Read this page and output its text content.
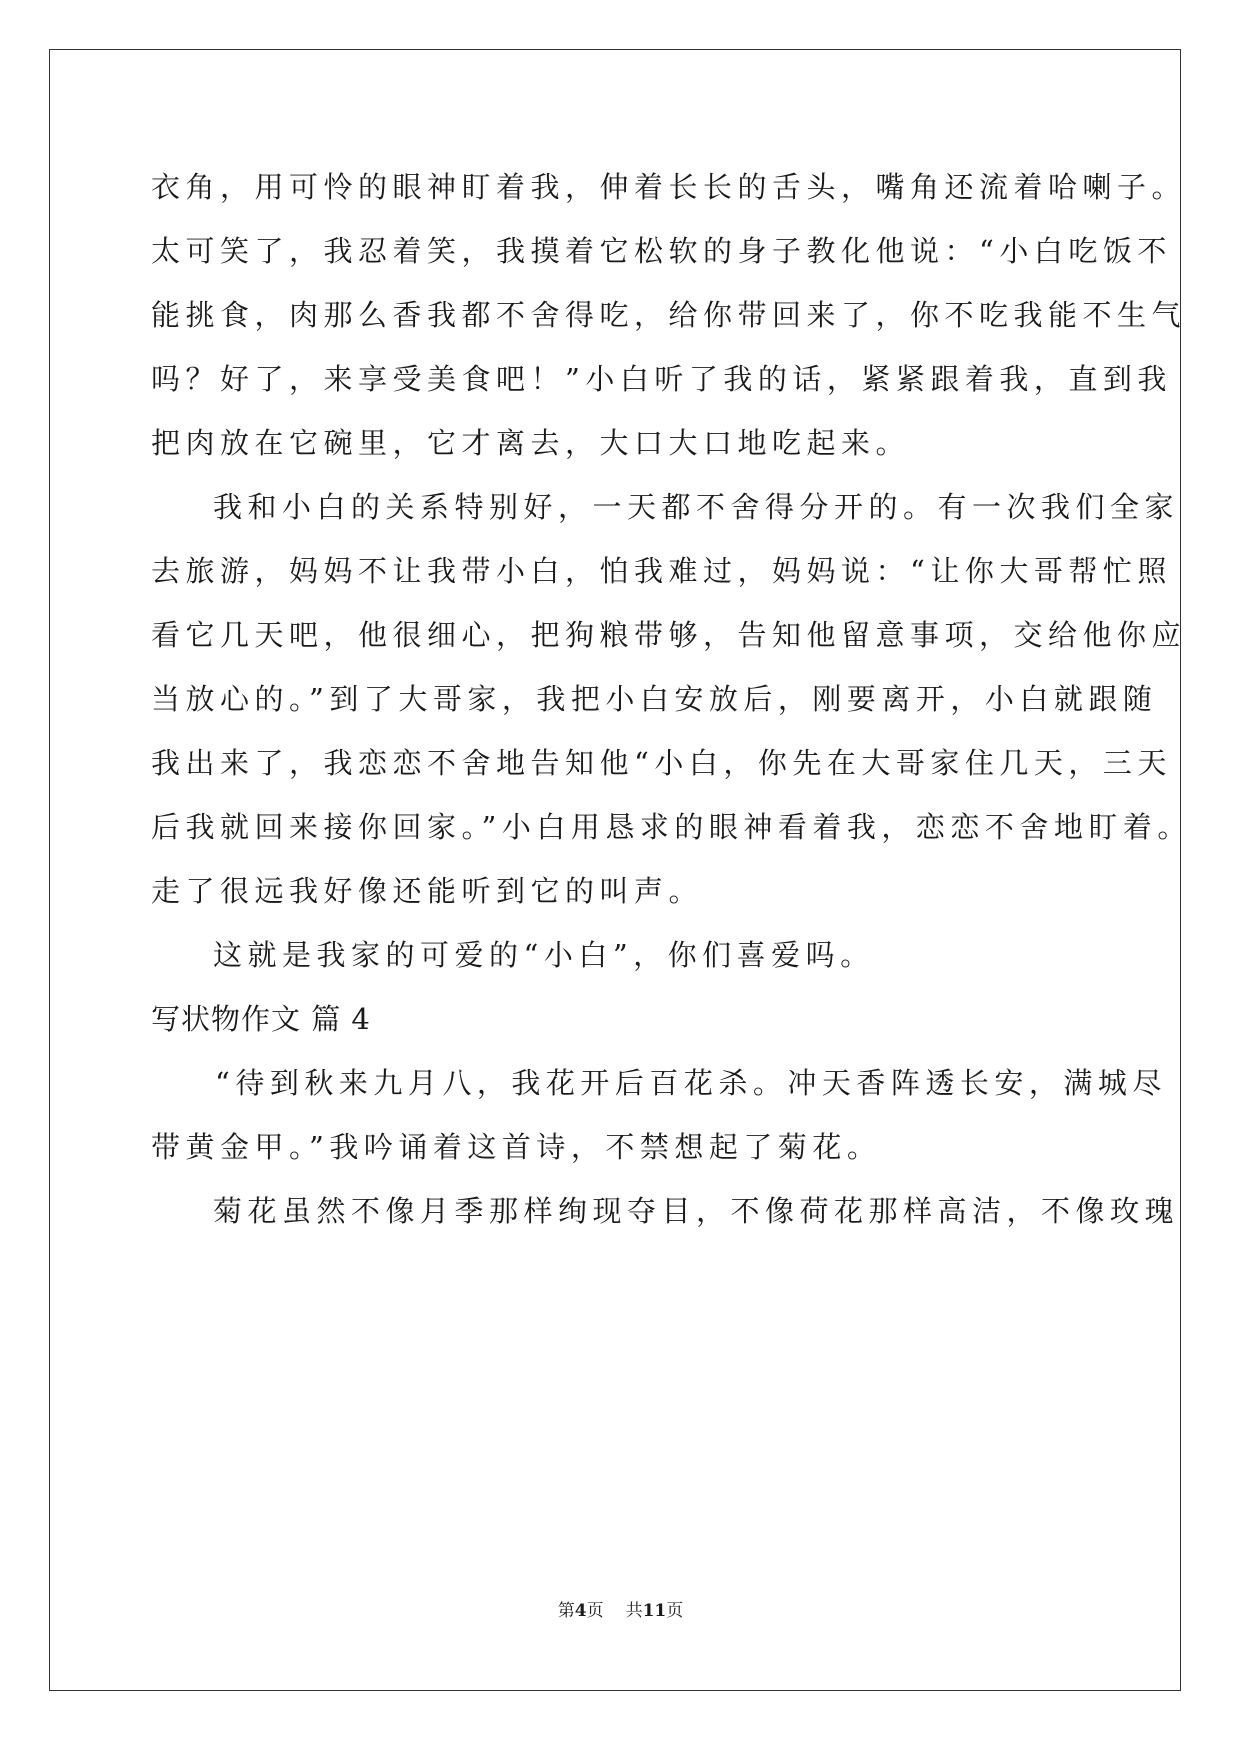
衣角，用可怜的眼神盯着我，伸着长长的舌头，嘴角还流着哈喇子。
太可笑了，我忍着笑，我摸着它松软的身子教化他说：“小白吃饭不
能挑食，肉那么香我都不舍得吃，给你带回来了，你不吃我能不生气
吗？好了，来享受美食吧！”小白听了我的话，紧紧跟着我，直到我
把肉放在它碗里，它才离去，大口大口地吃起来。
我和小白的关系特别好，一天都不舍得分开的。有一次我们全家
去旅游，妈妈不让我带小白，怕我难过，妈妈说：“让你大哥帮忙照
看它几天吧，他很细心，把狗粮带够，告知他留意事项，交给他你应
当放心的。”到了大哥家，我把小白安放后，刚要离开，小白就跟随
我出来了，我恋恋不舍地告知他“小白，你先在大哥家住几天，三天
后我就回来接你回家。”小白用恳求的眼神看着我，恋恋不舍地盯着。
走了很远我好像还能听到它的叫声。
这就是我家的可爱的“小白”，你们喜爱吗。
写状物作文 篇 4
“待到秋来九月八，我花开后百花杀。冲天香阵透长安，满城尽
带黄金甲。”我吟诵着这首诗，不禁想起了菊花。
菊花虽然不像月季那样绚现夺目，不像荷花那样高洁，不像玫瑰
第4页 共11页
